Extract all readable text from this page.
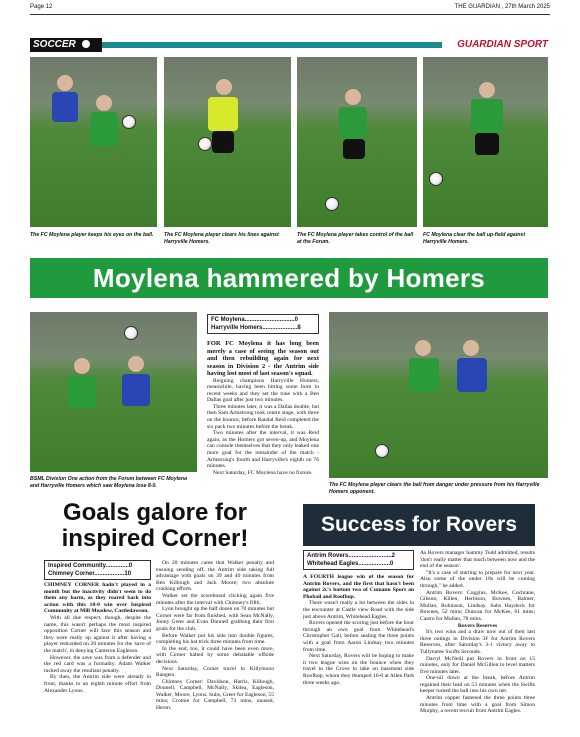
Page 12	THE GUARDIAN , 27th March 2025
SOCCER	GUARDIAN SPORT
The FC Moylena player keeps his eyes on the ball.	The FC Moylena player clears his lines against Harryville Homers.
The FC Moylena player takes control of the ball at the Forum.
FC Moylena clear the ball up-field against Harryville Homers.
Moylena hammered by Homers
BSML Division One action from the Forum between FC Moylena and Harryville Homers which saw Moylena lose 8-0.
FC Moylena..............................0
Harryville Homers.....................8

FOR FC Moylena it has long been merely a case of seeing the season out and then rebuilding again for next season in Division 2 - the Antrim side having lost most of last season's squad.

Reigning champions Harryville Homers, meanwhile, having been hitting some form in recent weeks and they set the tone with a Ben Dallas goal after just two minutes.

Three minutes later, it was a Dallas double, but then Sam Armstrong took centre stage, with three on the bounce, before Randal Reid completed the six pack two minutes before the break.

Two minutes after the interval, it was Reid again, as the Homers got seven-up, and Moylena can console themselves that they only leaked one more goal for the remainder of the match - Armstrong's fourth and Harryville's eighth on 76 minutes.

Next Saturday, FC Moylena have no fixture.

The FC Moylena player clears the ball from danger under pressure from his Harryville Homers opponent.
Goals galore for
inspired Corner!
Inspired Community..............0
Chimney Corner..................10

CHIMNEY CORNER hadn't played in a month but the inactivity didn't seem to do them any harm, as they roared back into action with this 10-0 win over Inspired Community at Mill Meadow, Castledawson.

With all due respect, though, despite the name, this wasn't perhaps the most inspired opposition Corner will face this season and they were really up against it after having a player redcarded on 20 minutes for the 'save of the match', in denying Cameron Eagleson.

However, the save was from a defender and the red card was a formality. Adam Walker tucked away the resultant penalty.

By then, the Antrim side were already in front, thanks to an eighth minute effort from Alexander Lyons.

On 20 minutes came that Walker penalty and ensuing sending off, the Antrim side taking full advantage with goals on 39 and 40 minutes from Ben Killough and Jack Moore; two absolute cracking efforts.

Walker set the scoreboard clicking again five minutes after the interval with Chimney's fifth.

Lyon brought up the half dozen on 70 minutes but Corner were far from finished, with Sean McNally, Jonny Greer and Evan Donnell grabbing their first goals for the club.

Before Walker put his side into double figures, completing his hat trick three minutes from time.

In the end, too, it could have been even more, with Corner halted by some debatable offside decisions.

Next Saturday, Corner travel to Killymoon Rangers.

Chimney Corner: Davidson, Harris, Killough, Donnell, Campbell, McNally, Skilea, Eagleson, Walker, Moore, Lyons. Subs, Greer for Eagleson, 55 mins; Cromie for Campbell, 73 mins; unused, Heron.

Success for Rovers
Antrim Rovers..........................2
Whitehead Eagles...................0

A FOURTH league win of the season for Antrim Rovers, and the first that hasn't been against 2c's bottom two of Cumann Sport an Phobail and Roofbop.

There wasn't really a lot between the sides in the encounter at Castle view Road with the side just above Antrim, Whitehead Eagles.

Rovers opened the scoring just before the hour through an own goal from Whitehead's Christopher Gall, before sealing the three points with a goal from Aaron Lindsay two minutes from time.

Next Saturday, Rovers will be hoping to make it two league wins on the bounce when they travel to the Grove to take on basement side Roofbop, whom they thumped 16-0 at Allen Park three weeks ago.

As Rovers manager Sammy Todd admitted, results 'don't really matter that much between now and the end of the season'.

"It's a case of starting to prepare for next year. Also some of the under 18s will be coming through," he added.

Antrim Rovers: Coggins, McKee, Cochrane, Gibson, Killen, Herbison, Bownes, Balmer, Mullan, Robinson, Lindsay. Subs Haydock for Bownes, 52 mins; Duncan for McKee, 61 mins; Castro for Mullan, 78 mins.

Rovers Reserves

It's two wins and a draw now out of their last three outings in Division 3F for Antrim Rovers Reserves, after Saturday's 3-1 victory away to Tullyname Swifts Seconds.

Darryl McNeill put Rovers in front on 15 minutes, only for Daniel McGillen to level matters five minutes later.

One-nil down at the break, before Antrim regained their lead on 53 minutes when the Swifts keeper turned the ball into his own net.

Antrim copper fastened the three points three minutes from time with a goal from Simon Murphy, a recent recruit from Antrim Eagles.
